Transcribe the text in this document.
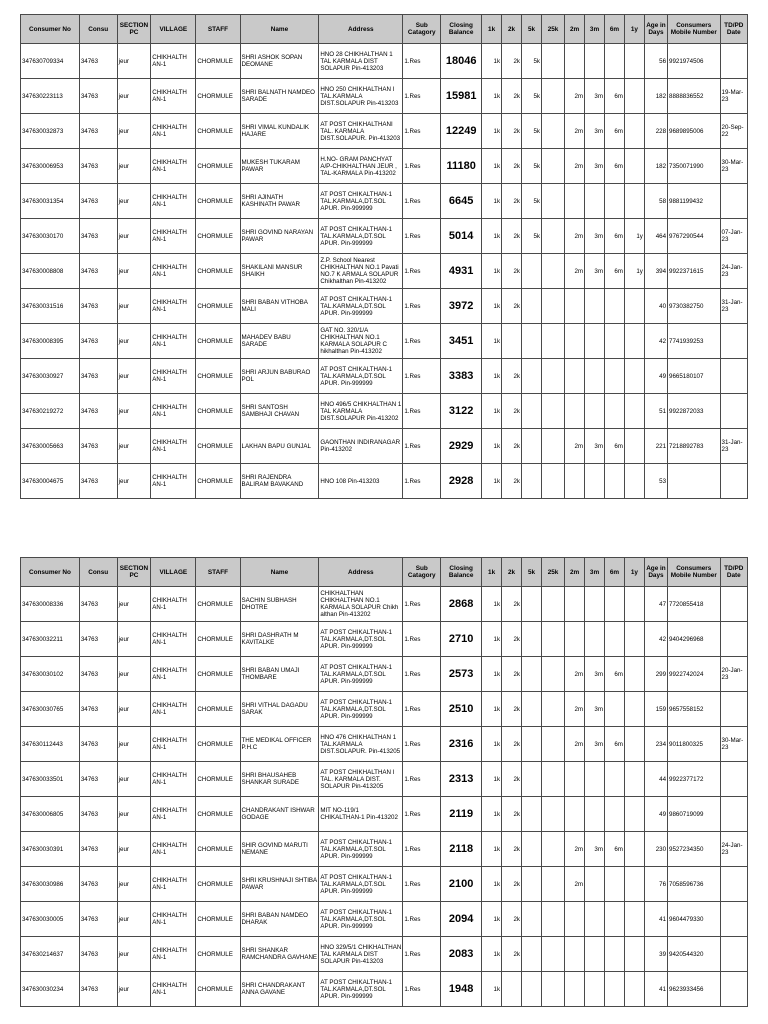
Consumer No	Consu	SECTION PC	VILLAGE	STAFF	Name	Address	Sub Catagory	Closing Balance	1k	2k	5k	25k	2m	3m	6m	1y	Age in Days	Consumers Mobile Number	TD/PD Date
347630709334	34763	jeur	CHIKHALTH AN-1	CHORMULE	SHRI ASHOK SOPAN DEOMANE	HNO 28 CHIKHALTHAN 1 TAL KARMALA DIST SOLAPUR Pin-413203	1.Res	18046	1k	2k	5k						56	9921974506	
347630223113	34763	jeur	CHIKHALTH AN-1	CHORMULE	SHRI BALNATH NAMDEO SARADE	HNO 250 CHIKHALTHAN I TAL.KARMALA DIST.SOLAPUR Pin-413203	1.Res	15981	1k	2k	5k		2m	3m	6m		182	8888836552	19-Mar-23
347630032873	34763	jeur	CHIKHALTH AN-1	CHORMULE	SHRI VIMAL KUNDALIK HAJARE	AT POST CHIKHALTHANI TAL. KARMALA DIST.SOLAPUR. Pin-413203	1.Res	12249	1k	2k	5k		2m	3m	6m		228	9689895006	20-Sep-22
347630006953	34763	jeur	CHIKHALTH AN-1	CHORMULE	MUKESH TUKARAM PAWAR	H.NO- GRAM PANCHYAT A/P-CHIKHALTHAN JEUR , TAL-KARMALA Pin-413202	1.Res	11180	1k	2k	5k		2m	3m	6m		182	7350071990	30-Mar-23
347630031354	34763	jeur	CHIKHALTH AN-1	CHORMULE	SHRI AJINATH KASHINATH PAWAR	AT POST CHIKALTHAN-1 TAL.KARMALA,DT.SOL APUR. Pin-999999	1.Res	6645	1k	2k	5k						58	9881199432	
347630030170	34763	jeur	CHIKHALTH AN-1	CHORMULE	SHRI GOVIND NARAYAN PAWAR	AT POST CHIKALTHAN-1 TAL.KARMALA,DT.SOL APUR. Pin-999999	1.Res	5014	1k	2k	5k		2m	3m	6m	1y	464	9767290544	07-Jan-23
347630008808	34763	jeur	CHIKHALTH AN-1	CHORMULE	SHAKILANI MANSUR SHAIKH	Z.P. School Nearest CHIKHALTHAN NO.1 Pavati NO.7 K ARMALA SOLAPUR Chikhalthan Pin-413202	1.Res	4931	1k	2k			2m	3m	6m	1y	394	9922371615	24-Jan-23
347630031516	34763	jeur	CHIKHALTH AN-1	CHORMULE	SHRI BABAN VITHOBA MALI	AT POST CHIKALTHAN-1 TAL.KARMALA,DT.SOL APUR. Pin-999999	1.Res	3972	1k	2k							40	9730382750	31-Jan-23
347630008395	34763	jeur	CHIKHALTH AN-1	CHORMULE	MAHADEV BABU SARADE	GAT NO. 320/1/A CHIKHALTHAN NO.1 KARMALA SOLAPUR C hikhalthan Pin-413202	1.Res	3451	1k								42	7741939253	
347630030927	34763	jeur	CHIKHALTH AN-1	CHORMULE	SHRI ARJUN BABURAO POL	AT POST CHIKALTHAN-1 TAL.KARMALA,DT.SOL APUR. Pin-999999	1.Res	3383	1k	2k							49	9665180107	
347630219272	34763	jeur	CHIKHALTH AN-1	CHORMULE	SHRI SANTOSH SAMBHAJI CHAVAN	HNO 496/5 CHIKHALTHAN 1 TAL KARMALA DIST.SOLAPUR Pin-413202	1.Res	3122	1k	2k							51	9922872033	
347630005663	34763	jeur	CHIKHALTH AN-1	CHORMULE	LAKHAN BAPU GUNJAL	GAONTHAN INDIRANAGAR Pin-413202	1.Res	2929	1k	2k			2m	3m	6m		221	7218892783	31-Jan-23
347630004675	34763	jeur	CHIKHALTH AN-1	CHORMULE	SHRI RAJENDRA BALIRAM BAVAKAND	HNO 108 Pin-413203	1.Res	2928	1k	2k							53		
Consumer No	Consu	SECTION PC	VILLAGE	STAFF	Name	Address	Sub Catagory	Closing Balance	1k	2k	5k	25k	2m	3m	6m	1y	Age in Days	Consumers Mobile Number	TD/PD Date
347630008336	34763	jeur	CHIKHALTH AN-1	CHORMULE	SACHIN SUBHASH DHOTRE	CHIKHALTHAN CHIKHALTHAN NO.1 KARMALA SOLAPUR Chikh althan Pin-413202	1.Res	2868	1k	2k							47	7720855418	
347630032211	34763	jeur	CHIKHALTH AN-1	CHORMULE	SHRI DASHRATH M KAVITALKE	AT POST CHIKALTHAN-1 TAL.KARMALA,DT.SOL APUR. Pin-999999	1.Res	2710	1k	2k							42	9404296968	
347630030102	34763	jeur	CHIKHALTH AN-1	CHORMULE	SHRI BABAN UMAJI THOMBARE	AT POST CHIKALTHAN-1 TAL.KARMALA,DT.SOL APUR. Pin-999999	1.Res	2573	1k	2k			2m	3m	6m		299	9922742024	20-Jan-23
347630030765	34763	jeur	CHIKHALTH AN-1	CHORMULE	SHRI VITHAL DAGADU SARAK	AT POST CHIKALTHAN-1 TAL.KARMALA,DT.SOL APUR. Pin-999999	1.Res	2510	1k	2k			2m	3m			159	9657558152	
347630112443	34763	jeur	CHIKHALTH AN-1	CHORMULE	THE MEDIKAL OFFICER P.H.C	HNO 476 CHIKHALTHAN 1 TAL.KARMALA DIST.SOLAPUR. Pin-413205	1.Res	2316	1k	2k			2m	3m	6m		234	9011800325	30-Mar-23
347630033501	34763	jeur	CHIKHALTH AN-1	CHORMULE	SHRI BHAUSAHEB SHANKAR SURADE	AT POST CHIKHALTHAN I TAL. KARMALA DIST. SOLAPUR Pin-413205	1.Res	2313	1k	2k							44	9922377172	
347630006805	34763	jeur	CHIKHALTH AN-1	CHORMULE	CHANDRAKANT ISHWAR GODAGE	MIT NO-119/1 CHIKALTHAN-1 Pin-413202	1.Res	2119	1k	2k							49	9860719099	
347630030391	34763	jeur	CHIKHALTH AN-1	CHORMULE	SHIR GOVIND MARUTI NEMANE	AT POST CHIKALTHAN-1 TAL.KARMALA,DT.SOL APUR. Pin-999999	1.Res	2118	1k	2k			2m	3m	6m		230	9527234350	24-Jan-23
347630030986	34763	jeur	CHIKHALTH AN-1	CHORMULE	SHRI KRUSHNAJI SHTIBA PAWAR	AT POST CHIKALTHAN-1 TAL.KARMALA,DT.SOL APUR. Pin-999999	1.Res	2100	1k	2k			2m				76	7058596736	
347630030005	34763	jeur	CHIKHALTH AN-1	CHORMULE	SHRI BABAN NAMDEO DHARAK	AT POST CHIKALTHAN-1 TAL.KARMALA,DT.SOL APUR. Pin-999999	1.Res	2094	1k	2k							41	9604479330	
347630214637	34763	jeur	CHIKHALTH AN-1	CHORMULE	SHRI SHANKAR RAMCHANDRA GAVHANE	HNO 329/5/1 CHIKHALTHAN TAL KARMALA DIST SOLAPUR Pin-413203	1.Res	2083	1k	2k							39	9420544320	
347630030234	34763	jeur	CHIKHALTH AN-1	CHORMULE	SHRI CHANDRAKANT ANNA GAVANE	AT POST CHIKALTHAN-1 TAL.KARMALA,DT.SOL APUR. Pin-999999	1.Res	1948	1k								41	9623933456	
